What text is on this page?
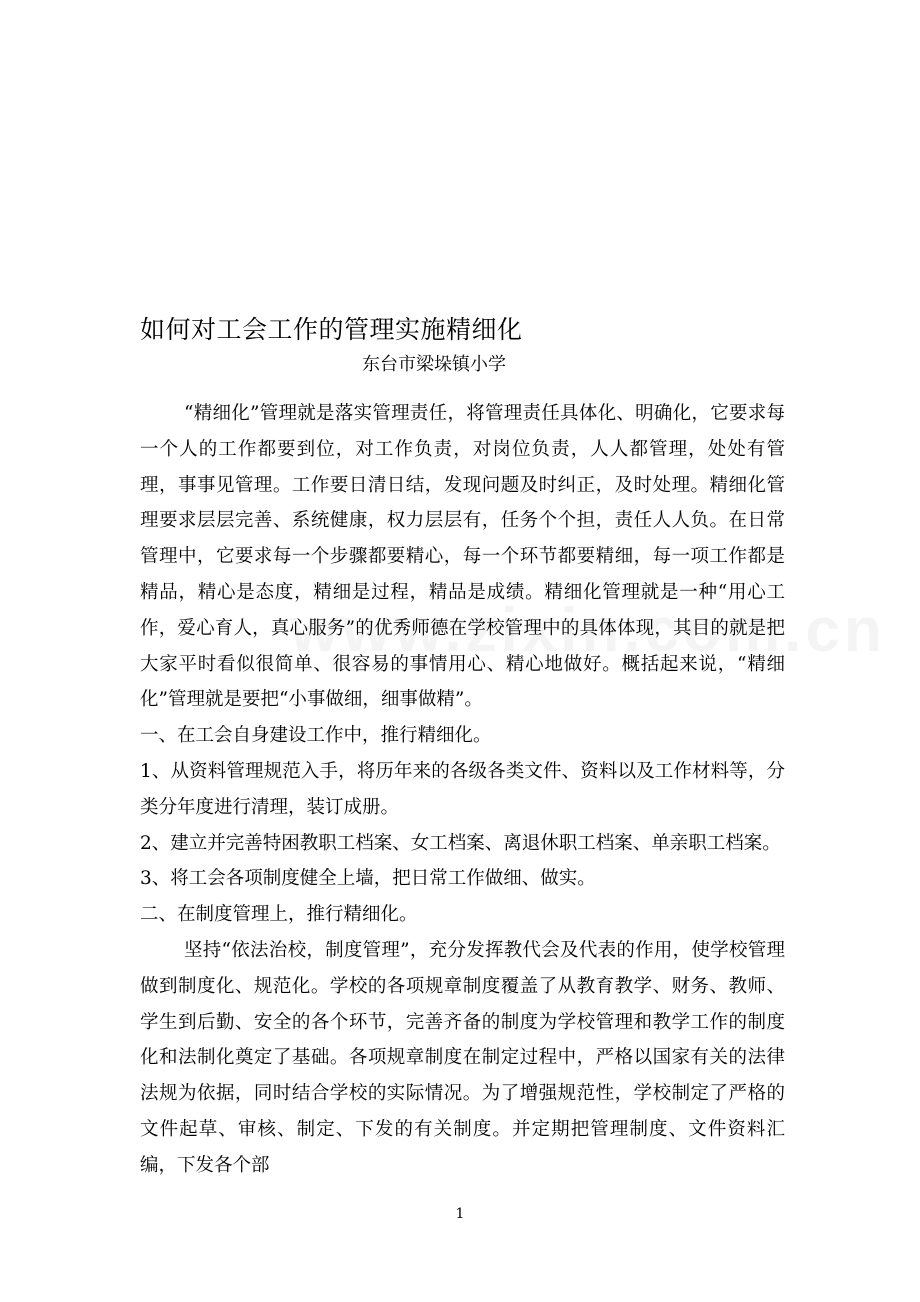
如何对工会工作的管理实施精细化
东台市梁垛镇小学

“精细化”管理就是落实管理责任，将管理责任具体化、明确化，它要求每一个人的工作都要到位，对工作负责，对岗位负责，人人都管理，处处有管理，事事见管理。工作要日清日结，发现问题及时纠正，及时处理。精细化管理要求层层完善、系统健康，权力层层有，任务个个担，责任人人负。在日常管理中，它要求每一个步骤都要精心，每一个环节都要精细，每一项工作都是精品，精心是态度，精细是过程，精品是成绩。精细化管理就是一种“用心工作，爱心育人，真心服务”的优秀师德在学校管理中的具体体现，其目的就是把大家平时看似很简单、很容易的事情用心、精心地做好。概括起来说，“精细化”管理就是要把“小事做细，细事做精”。

一、在工会自身建设工作中，推行精细化。

1、从资料管理规范入手，将历年来的各级各类文件、资料以及工作材料等，分类分年度进行清理，装订成册。

2、建立并完善特困教职工档案、女工档案、离退休职工档案、单亲职工档案。

3、将工会各项制度健全上墙，把日常工作做细、做实。

二、在制度管理上，推行精细化。

坚持“依法治校，制度管理”，充分发挥教代会及代表的作用，使学校管理做到制度化、规范化。学校的各项规章制度覆盖了从教育教学、财务、教师、学生到后勤、安全的各个环节，完善齐备的制度为学校管理和教学工作的制度化和法制化奠定了基础。各项规章制度在制定过程中，严格以国家有关的法律法规为依据，同时结合学校的实际情况。为了增强规范性，学校制定了严格的文件起草、审核、制定、下发的有关制度。并定期把管理制度、文件资料汇编，下发各个部

1
